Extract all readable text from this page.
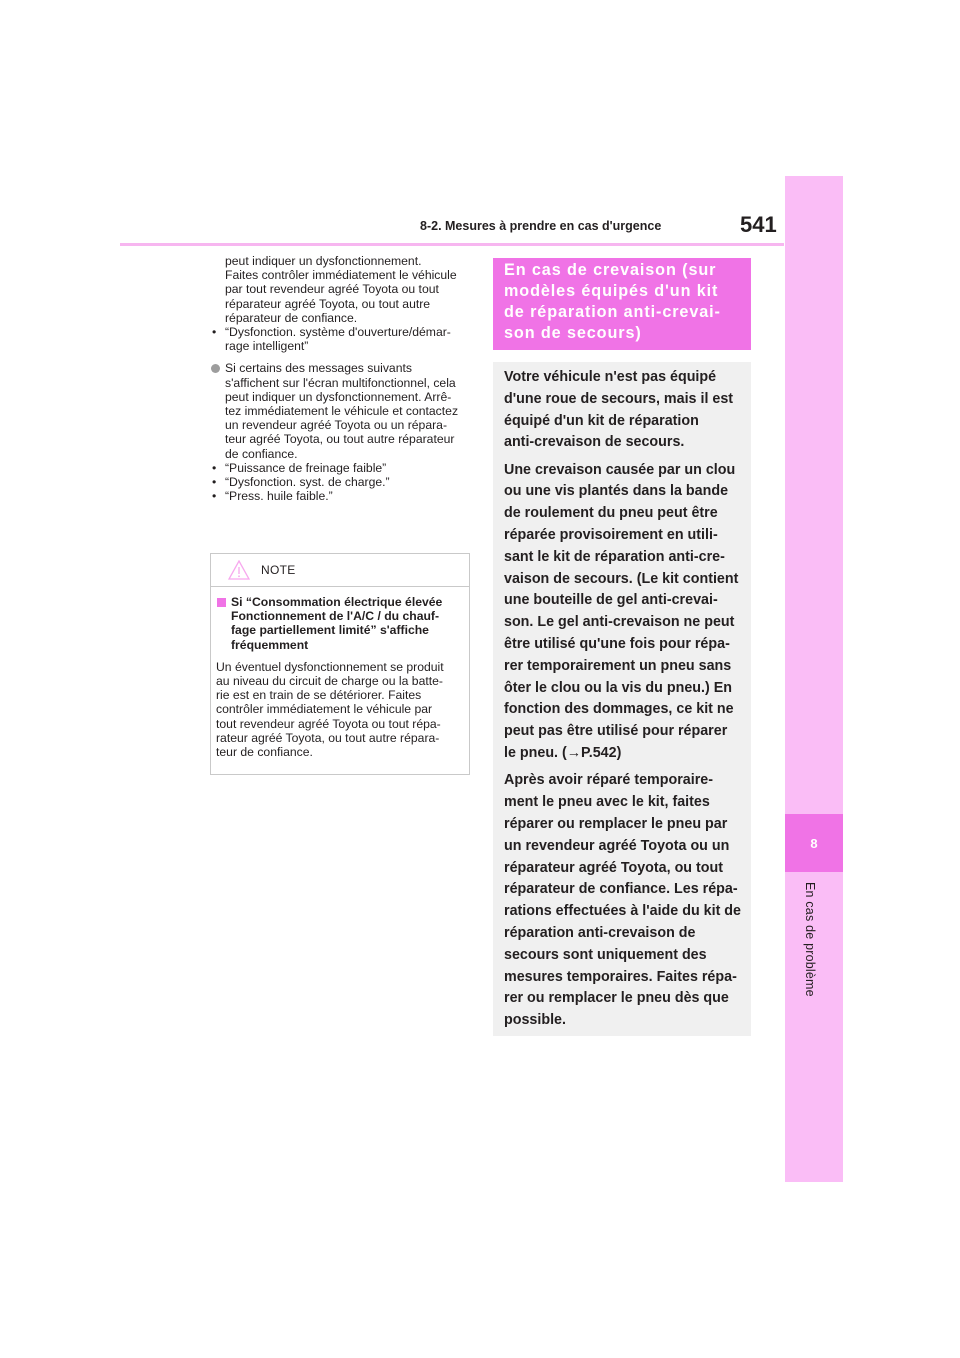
8-2. Mesures à prendre en cas d'urgence	541
8
En cas de problème
peut indiquer un dysfonctionnement.
Faites contrôler immédiatement le véhicule
par tout revendeur agréé Toyota ou tout
réparateur agréé Toyota, ou tout autre
réparateur de confiance.
• “Dysfonction. système d'ouverture/démar-
rage intelligent”
Si certains des messages suivants
s'affichent sur l'écran multifonctionnel, cela
peut indiquer un dysfonctionnement. Arrê-
tez immédiatement le véhicule et contactez
un revendeur agréé Toyota ou un répara-
teur agréé Toyota, ou tout autre réparateur
de confiance.
• “Puissance de freinage faible”
• “Dysfonction. syst. de charge.”
• “Press. huile faible.”
NOTE
Si “Consommation électrique élevée
Fonctionnement de l'A/C / du chauf-
fage partiellement limité” s'affiche
fréquemment
Un éventuel dysfonctionnement se produit
au niveau du circuit de charge ou la batte-
rie est en train de se détériorer. Faites
contrôler immédiatement le véhicule par
tout revendeur agréé Toyota ou tout répa-
rateur agréé Toyota, ou tout autre répara-
teur de confiance.
En cas de crevaison (sur
modèles équipés d'un kit
de réparation anti-crevai-
son de secours)

Votre véhicule n'est pas équipé
d'une roue de secours, mais il est
équipé d'un kit de réparation
anti-crevaison de secours.

Une crevaison causée par un clou
ou une vis plantés dans la bande
de roulement du pneu peut être
réparée provisoirement en utili-
sant le kit de réparation anti-cre-
vaison de secours. (Le kit contient
une bouteille de gel anti-crevai-
son. Le gel anti-crevaison ne peut
être utilisé qu'une fois pour répa-
rer temporairement un pneu sans
ôter le clou ou la vis du pneu.) En
fonction des dommages, ce kit ne
peut pas être utilisé pour réparer
le pneu. (→P.542)

Après avoir réparé temporaire-
ment le pneu avec le kit, faites
réparer ou remplacer le pneu par
un revendeur agréé Toyota ou un
réparateur agréé Toyota, ou tout
réparateur de confiance. Les répa-
rations effectuées à l'aide du kit de
réparation anti-crevaison de
secours sont uniquement des
mesures temporaires. Faites répa-
rer ou remplacer le pneu dès que
possible.
